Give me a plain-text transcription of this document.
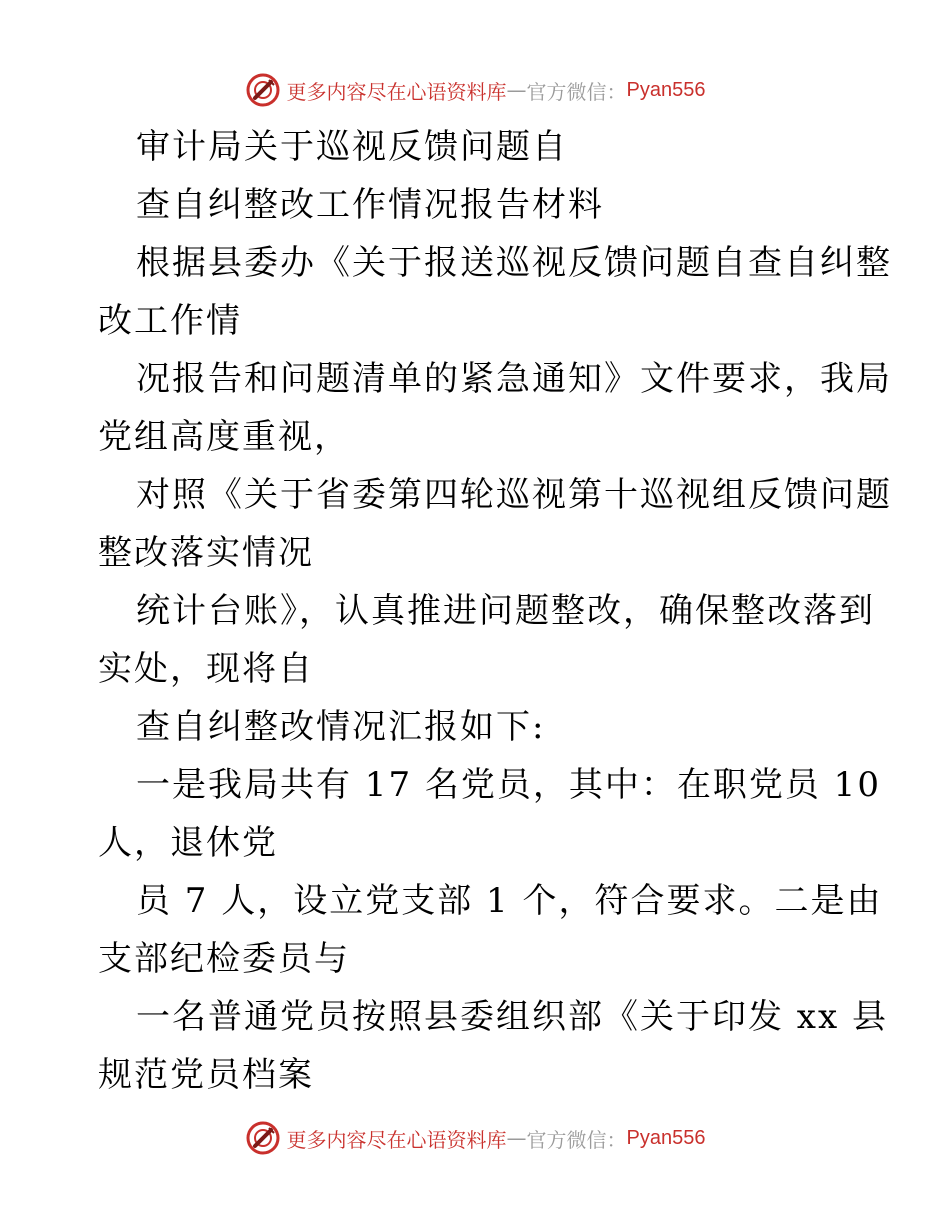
更多内容尽在心语资料库 — 官方微信： Pyan556
审计局关于巡视反馈问题自
查自纠整改工作情况报告材料
根据县委办《关于报送巡视反馈问题自查自纠整
改工作情
况报告和问题清单的紧急通知》文件要求，我局
党组高度重视，
对照《关于省委第四轮巡视第十巡视组反馈问题
整改落实情况
统计台账》，认真推进问题整改，确保整改落到
实处，现将自
查自纠整改情况汇报如下:
一是我局共有 17 名党员，其中：在职党员 10
人，退休党
员 7 人，设立党支部 1 个，符合要求。二是由
支部纪检委员与
一名普通党员按照县委组织部《关于印发 xx 县
规范党员档案
更多内容尽在心语资料库 — 官方微信： Pyan556
